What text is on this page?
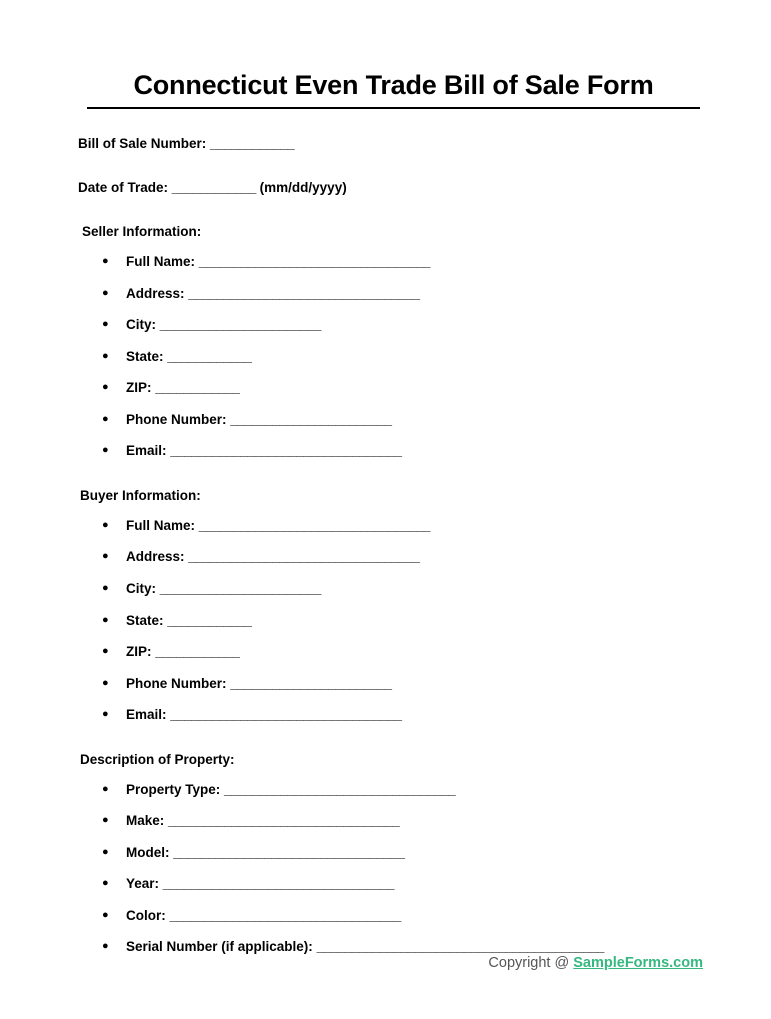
Connecticut Even Trade Bill of Sale Form
Bill of Sale Number: ____________
Date of Trade: ____________ (mm/dd/yyyy)
Seller Information:
● Full Name: _________________________________
● Address: _________________________________
● City: _______________________
● State: ____________
● ZIP: ____________
● Phone Number: _______________________
● Email: _________________________________
Buyer Information:
● Full Name: _________________________________
● Address: _________________________________
● City: _______________________
● State: ____________
● ZIP: ____________
● Phone Number: _______________________
● Email: _________________________________
Description of Property:
● Property Type: _________________________________
● Make: _________________________________
● Model: _________________________________
● Year: _________________________________
● Color: _________________________________
● Serial Number (if applicable): _________________________________________
Copyright @ SampleForms.com
